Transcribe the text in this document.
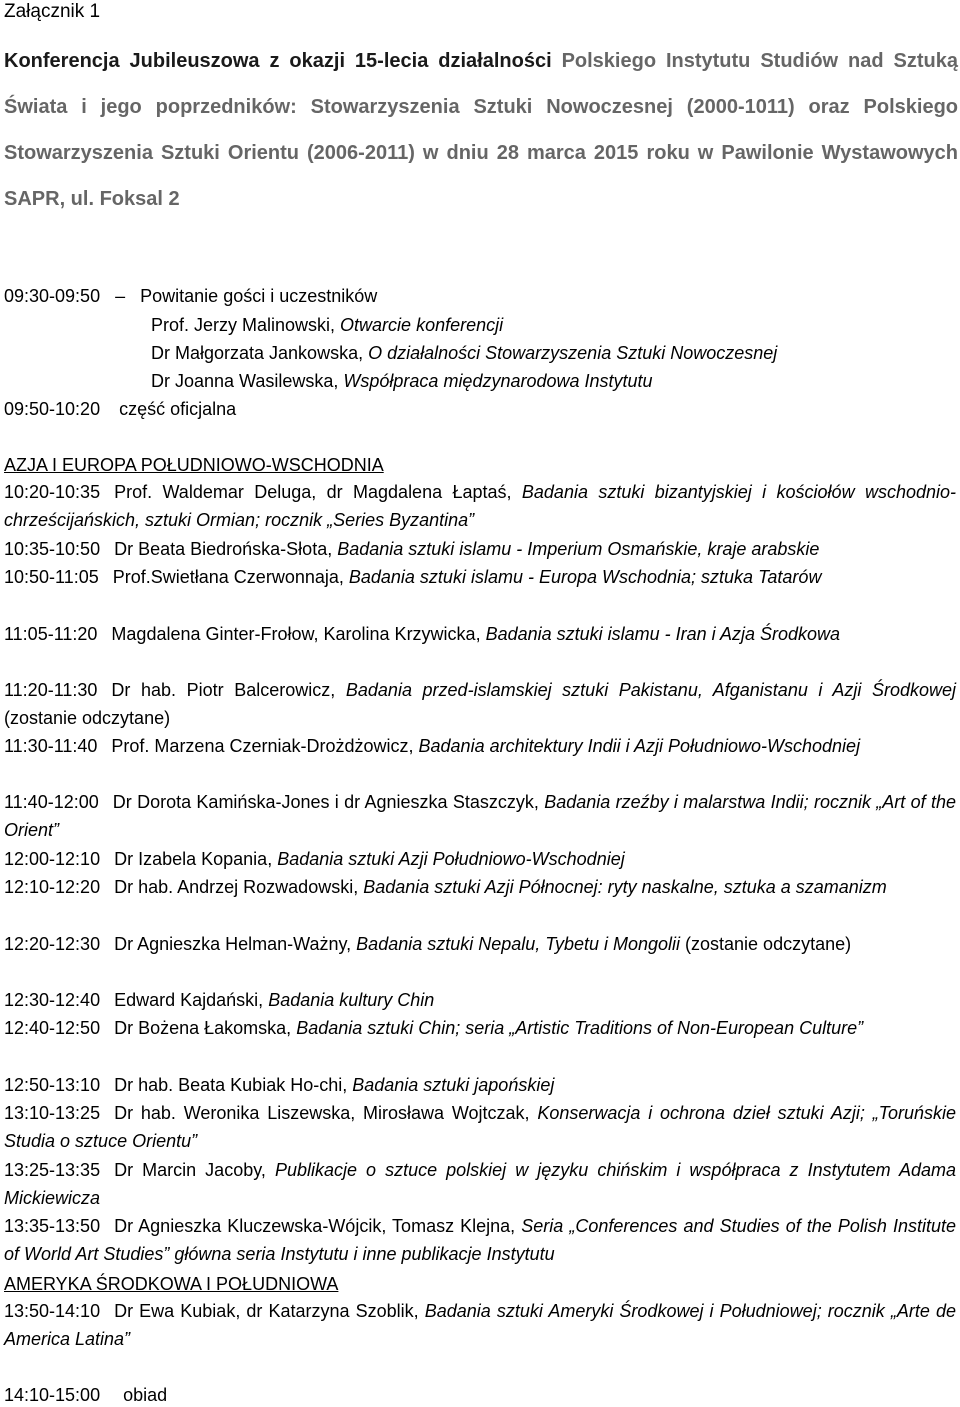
Załącznik 1
Konferencja Jubileuszowa z okazji 15-lecia działalności Polskiego Instytutu Studiów nad Sztuką Świata i jego poprzedników: Stowarzyszenia Sztuki Nowoczesnej (2000-1011) oraz Polskiego Stowarzyszenia Sztuki Orientu (2006-2011) w dniu 28 marca 2015 roku w Pawilonie Wystawowych SAPR, ul. Foksal 2
09:30-09:50 – Powitanie gości i uczestników
Prof. Jerzy Malinowski, Otwarcie konferencji
Dr Małgorzata Jankowska, O działalności Stowarzyszenia Sztuki Nowoczesnej
Dr Joanna Wasilewska, Współpraca międzynarodowa Instytutu
09:50-10:20 część oficjalna
AZJA I EUROPA POŁUDNIOWO-WSCHODNIA
10:20-10:35 Prof. Waldemar Deluga, dr Magdalena Łaptaś, Badania sztuki bizantyjskiej i kościołów wschodnio-chrześcijańskich, sztuki Ormian; rocznik „Series Byzantina”
10:35-10:50 Dr Beata Biedrońska-Słota, Badania sztuki islamu - Imperium Osmańskie, kraje arabskie
10:50-11:05 Prof.Swietłana Czerwonnaja, Badania sztuki islamu - Europa Wschodnia; sztuka Tatarów
11:05-11:20 Magdalena Ginter-Frołow, Karolina Krzywicka, Badania sztuki islamu - Iran i Azja Środkowa
11:20-11:30 Dr hab. Piotr Balcerowicz, Badania przed-islamskiej sztuki Pakistanu, Afganistanu i Azji Środkowej (zostanie odczytane)
11:30-11:40 Prof. Marzena Czerniak-Drożdżowicz, Badania architektury Indii i Azji Południowo-Wschodniej
11:40-12:00 Dr Dorota Kamińska-Jones i dr Agnieszka Staszczyk, Badania rzeźby i malarstwa Indii; rocznik „Art of the Orient”
12:00-12:10 Dr Izabela Kopania, Badania sztuki Azji Południowo-Wschodniej
12:10-12:20 Dr hab. Andrzej Rozwadowski, Badania sztuki Azji Północnej: ryty naskalne, sztuka a szamanizm
12:20-12:30 Dr Agnieszka Helman-Ważny, Badania sztuki Nepalu, Tybetu i Mongolii (zostanie odczytane)
12:30-12:40 Edward Kajdański, Badania kultury Chin
12:40-12:50 Dr Bożena Łakomska, Badania sztuki Chin; seria „Artistic Traditions of Non-European Culture”
12:50-13:10 Dr hab. Beata Kubiak Ho-chi, Badania sztuki japońskiej
13:10-13:25 Dr hab. Weronika Liszewska, Mirosława Wojtczak, Konserwacja i ochrona dzieł sztuki Azji; „Toruńskie Studia o sztuce Orientu”
13:25-13:35 Dr Marcin Jacoby, Publikacje o sztuce polskiej w języku chińskim i współpraca z Instytutem Adama Mickiewicza
13:35-13:50 Dr Agnieszka Kluczewska-Wójcik, Tomasz Klejna, Seria „Conferences and Studies of the Polish Institute of World Art Studies” główna seria Instytutu i inne publikacje Instytutu
AMERYKA ŚRODKOWA I POŁUDNIOWA
13:50-14:10 Dr Ewa Kubiak, dr Katarzyna Szoblik, Badania sztuki Ameryki Środkowej i Południowej; rocznik „Arte de America Latina”
14:10-15:00 obiad
